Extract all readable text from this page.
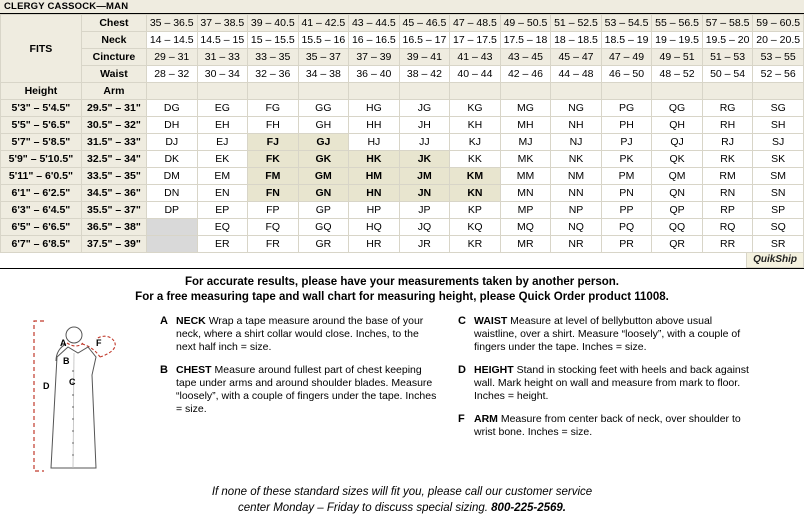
CLERGY CASSOCK—MAN
FITS	Chest	35 – 36.5	37 – 38.5	39 – 40.5	41 – 42.5	43 – 44.5	45 – 46.5	47 – 48.5	49 – 50.5	51 – 52.5	53 – 54.5	55 – 56.5	57 – 58.5	59 – 60.5
	Neck	14 – 14.5	14.5 – 15	15 – 15.5	15.5 – 16	16 – 16.5	16.5 – 17	17 – 17.5	17.5 – 18	18 – 18.5	18.5 – 19	19 – 19.5	19.5 – 20	20 – 20.5
	Cincture	29 – 31	31 – 33	33 – 35	35 – 37	37 – 39	39 – 41	41 – 43	43 – 45	45 – 47	47 – 49	49 – 51	51 – 53	53 – 55
	Waist	28 – 32	30 – 34	32 – 36	34 – 38	36 – 40	38 – 42	40 – 44	42 – 46	44 – 48	46 – 50	48 – 52	50 – 54	52 – 56
Height	Arm													
5'3" – 5'4.5"	29.5" – 31"	DG	EG	FG	GG	HG	JG	KG	MG	NG	PG	QG	RG	SG
5'5" – 5'6.5"	30.5" – 32"	DH	EH	FH	GH	HH	JH	KH	MH	NH	PH	QH	RH	SH
5'7" – 5'8.5"	31.5" – 33"	DJ	EJ	FJ	GJ	HJ	JJ	KJ	MJ	NJ	PJ	QJ	RJ	SJ
5'9" – 5'10.5"	32.5" – 34"	DK	EK	FK	GK	HK	JK	KK	MK	NK	PK	QK	RK	SK
5'11" – 6'0.5"	33.5" – 35"	DM	EM	FM	GM	HM	JM	KM	MM	NM	PM	QM	RM	SM
6'1" – 6'2.5"	34.5" – 36"	DN	EN	FN	GN	HN	JN	KN	MN	NN	PN	QN	RN	SN
6'3" – 6'4.5"	35.5" – 37"	DP	EP	FP	GP	HP	JP	KP	MP	NP	PP	QP	RP	SP
6'5" – 6'6.5"	36.5" – 38"		EQ	FQ	GQ	HQ	JQ	KQ	MQ	NQ	PQ	QQ	RQ	SQ
6'7" – 6'8.5"	37.5" – 39"		ER	FR	GR	HR	JR	KR	MR	NR	PR	QR	RR	SR
QuikShip
For accurate results, please have your measurements taken by another person.
For a free measuring tape and wall chart for measuring height, please Quick Order product 11008.
A
B
C
D
F
A NECK Wrap a tape measure around the base of your neck, where a shirt collar would close. Inches, to the next half inch = size.
B CHEST Measure around fullest part of chest keeping tape under arms and around shoulder blades. Measure “loosely”, with a couple of fingers under the tape. Inches = size.
C WAIST Measure at level of bellybutton above usual waistline, over a shirt. Measure “loosely”, with a couple of fingers under the tape. Inches = size.
D HEIGHT Stand in stocking feet with heels and back against wall. Mark height on wall and measure from mark to floor. Inches = height.
F ARM Measure from center back of neck, over shoulder to wrist bone. Inches = size.
If none of these standard sizes will fit you, please call our customer service
center Monday – Friday to discuss special sizing. 800-225-2569.
